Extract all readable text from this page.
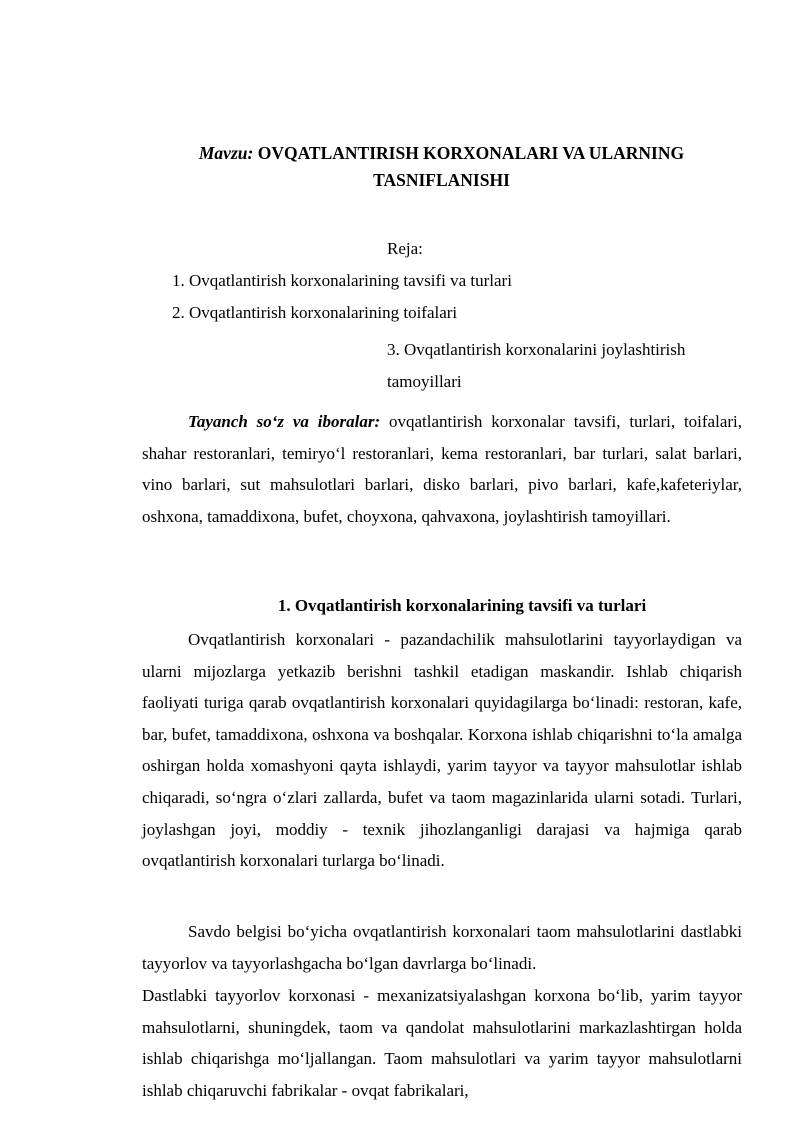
Mavzu: OVQATLANTIRISH KORXONALARI VA ULARNING TASNIFLANISHI
Reja:
1. Ovqatlantirish korxonalarining tavsifi va turlari
2. Ovqatlantirish korxonalarining toifalari
3. Ovqatlantirish korxonalarini joylashtirish tamoyillari
Tayanch so‘z va iboralar: ovqatlantirish korxonalar tavsifi, turlari, toifalari, shahar restoranlari, temiryo‘l restoranlari, kema restoranlari, bar turlari, salat barlari, vino barlari, sut mahsulotlari barlari, disko barlari, pivo barlari, kafe,kafeteriylar, oshxona, tamaddixona, bufet, choyxona, qahvaxona, joylashtirish tamoyillari.
1. Ovqatlantirish korxonalarining tavsifi va turlari
Ovqatlantirish korxonalari - pazandachilik mahsulotlarini tayyorlaydigan va ularni mijozlarga yetkazib berishni tashkil etadigan maskandir. Ishlab chiqarish faoliyati turiga qarab ovqatlantirish korxonalari quyidagilarga bo‘linadi: restoran, kafe, bar, bufet, tamaddixona, oshxona va boshqalar. Korxona ishlab chiqarishni to‘la amalga oshirgan holda xomashyoni qayta ishlaydi, yarim tayyor va tayyor mahsulotlar ishlab chiqaradi, so‘ngra o‘zlari zallarda, bufet va taom magazinlarida ularni sotadi. Turlari, joylashgan joyi, moddiy - texnik jihozlanganligi darajasi va hajmiga qarab ovqatlantirish korxonalari turlarga bo‘linadi.
Savdo belgisi bo‘yicha ovqatlantirish korxonalari taom mahsulotlarini dastlabki tayyorlov va tayyorlashgacha bo‘lgan davrlarga bo‘linadi.
Dastlabki tayyorlov korxonasi - mexanizatsiyalashgan korxona bo‘lib, yarim tayyor mahsulotlarni, shuningdek, taom va qandolat mahsulotlarini markazlashtirgan holda ishlab chiqarishga mo‘ljallangan. Taom mahsulotlari va yarim tayyor mahsulotlarni ishlab chiqaruvchi fabrikalar - ovqat fabrikalari,
